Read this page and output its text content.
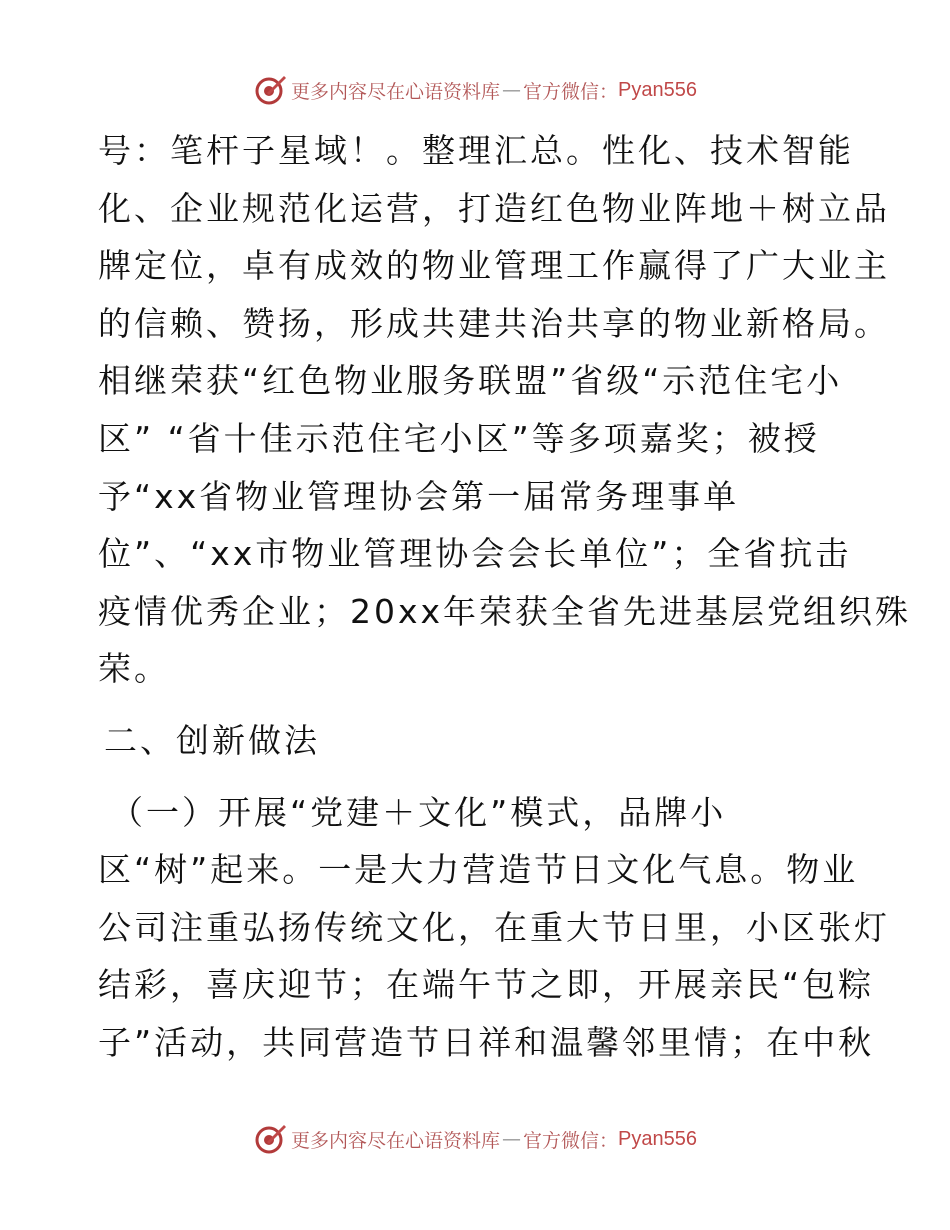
更多内容尽在心语资料库 — 官方微信： Pyan556
号：笔杆子星域！。整理汇总。性化、技术智能
化、企业规范化运营，打造红色物业阵地＋树立品
牌定位，卓有成效的物业管理工作赢得了广大业主
的信赖、赞扬，形成共建共治共享的物业新格局。
相继荣获“红色物业服务联盟”省级“示范住宅小
区” “省十佳示范住宅小区”等多项嘉奖；被授
予“xx省物业管理协会第一届常务理事单
位”、“xx市物业管理协会会长单位”；全省抗击
疫情优秀企业；20xx年荣获全省先进基层党组织殊
荣。
二、创新做法
（一）开展“党建＋文化”模式，品牌小
区“树”起来。一是大力营造节日文化气息。物业
公司注重弘扬传统文化，在重大节日里，小区张灯
结彩，喜庆迎节；在端午节之即，开展亲民“包粽
子”活动，共同营造节日祥和温馨邻里情；在中秋
更多内容尽在心语资料库 — 官方微信： Pyan556
